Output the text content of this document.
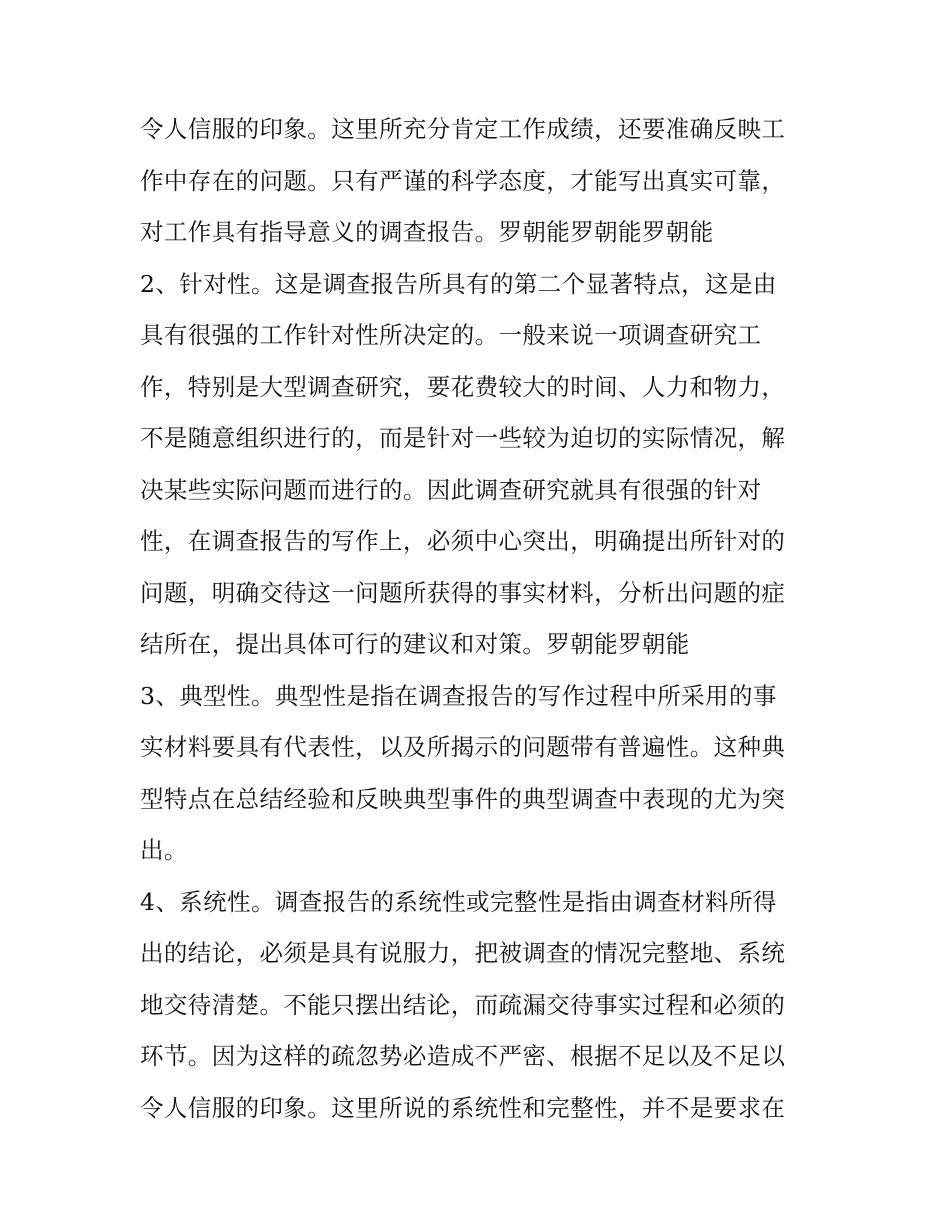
令人信服的印象。这里所充分肯定工作成绩，还要准确反映工
作中存在的问题。只有严谨的科学态度，才能写出真实可靠，
对工作具有指导意义的调查报告。罗朝能罗朝能罗朝能
2、针对性。这是调查报告所具有的第二个显著特点，这是由
具有很强的工作针对性所决定的。一般来说一项调查研究工
作，特别是大型调查研究，要花费较大的时间、人力和物力，
不是随意组织进行的，而是针对一些较为迫切的实际情况，解
决某些实际问题而进行的。因此调查研究就具有很强的针对
性，在调查报告的写作上，必须中心突出，明确提出所针对的
问题，明确交待这一问题所获得的事实材料，分析出问题的症
结所在，提出具体可行的建议和对策。罗朝能罗朝能
3、典型性。典型性是指在调查报告的写作过程中所采用的事
实材料要具有代表性，以及所揭示的问题带有普遍性。这种典
型特点在总结经验和反映典型事件的典型调查中表现的尤为突
出。
4、系统性。调查报告的系统性或完整性是指由调查材料所得
出的结论，必须是具有说服力，把被调查的情况完整地、系统
地交待清楚。不能只摆出结论，而疏漏交待事实过程和必须的
环节。因为这样的疏忽势必造成不严密、根据不足以及不足以
令人信服的印象。这里所说的系统性和完整性，并不是要求在
